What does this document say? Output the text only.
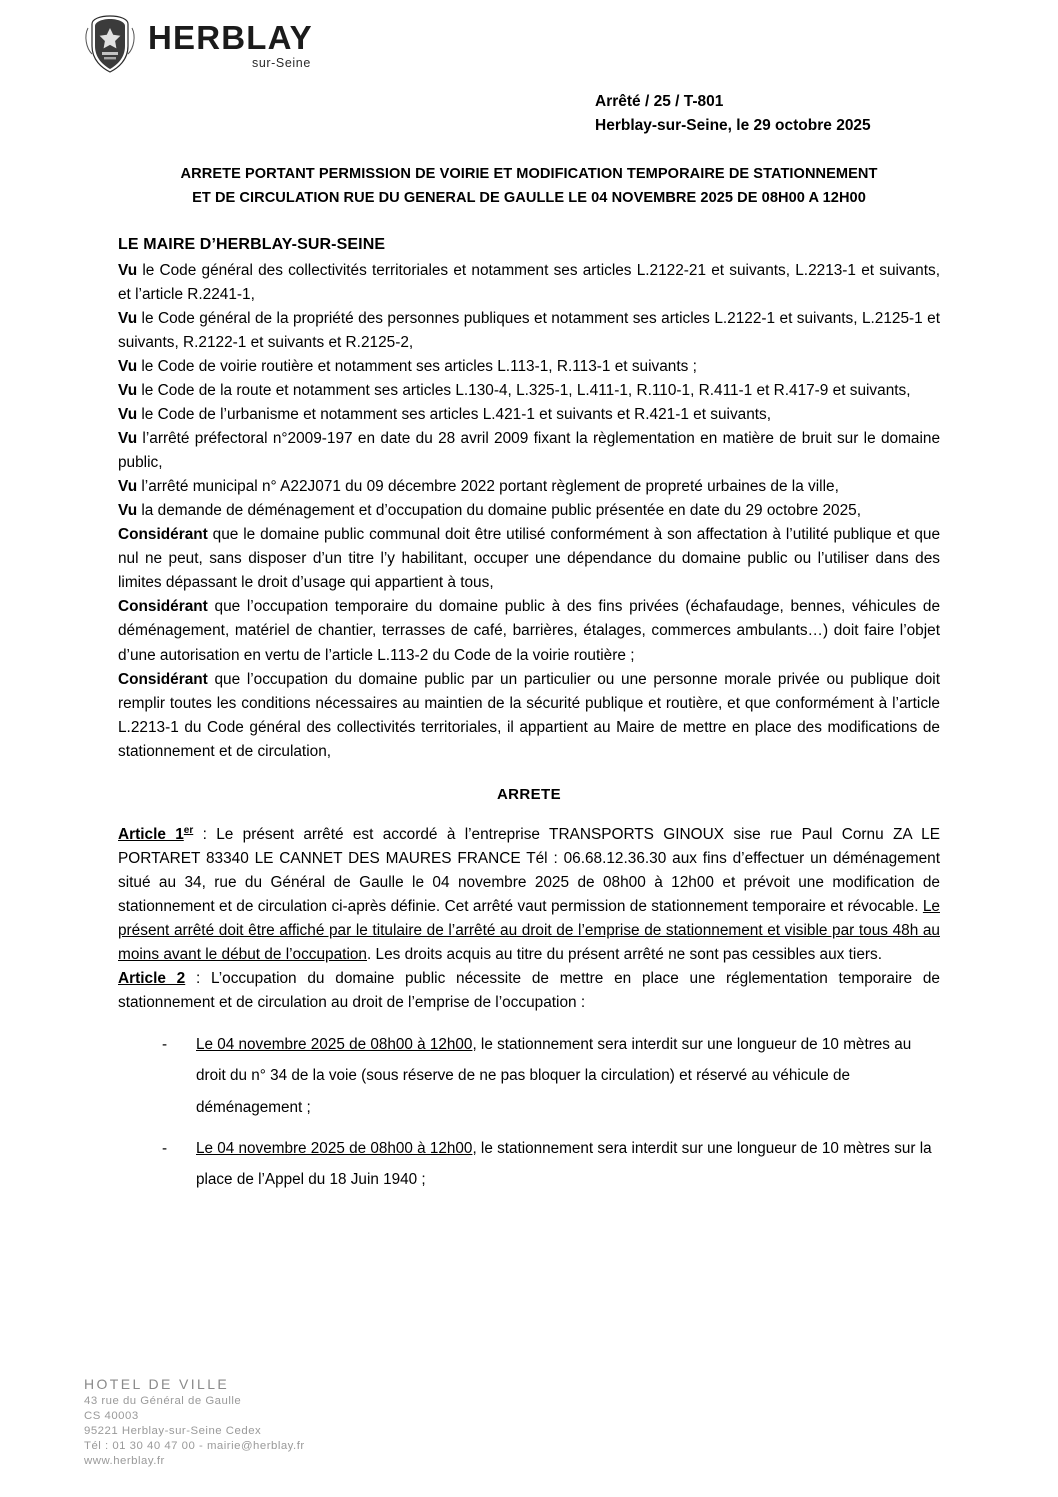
HERBLAY
sur-Seine
Arrêté / 25 / T-801
Herblay-sur-Seine, le 29 octobre 2025
ARRETE PORTANT PERMISSION DE VOIRIE ET MODIFICATION TEMPORAIRE DE STATIONNEMENT
ET DE CIRCULATION RUE DU GENERAL DE GAULLE LE 04 NOVEMBRE 2025 DE 08H00 A 12H00
LE MAIRE D’HERBLAY-SUR-SEINE

Vu le Code général des collectivités territoriales et notamment ses articles L.2122-21 et suivants, L.2213-1 et suivants, et l’article R.2241-1,

Vu le Code général de la propriété des personnes publiques et notamment ses articles L.2122-1 et suivants, L.2125-1 et suivants, R.2122-1 et suivants et R.2125-2,

Vu le Code de voirie routière et notamment ses articles L.113-1, R.113-1 et suivants ;

Vu le Code de la route et notamment ses articles L.130-4, L.325-1, L.411-1, R.110-1, R.411-1 et R.417-9 et suivants,

Vu le Code de l’urbanisme et notamment ses articles L.421-1 et suivants et R.421-1 et suivants,

Vu l’arrêté préfectoral n°2009-197 en date du 28 avril 2009 fixant la règlementation en matière de bruit sur le domaine public,

Vu l’arrêté municipal n° A22J071 du 09 décembre 2022 portant règlement de propreté urbaines de la ville,

Vu la demande de déménagement et d’occupation du domaine public présentée en date du 29 octobre 2025,

Considérant que le domaine public communal doit être utilisé conformément à son affectation à l’utilité publique et que nul ne peut, sans disposer d’un titre l’y habilitant, occuper une dépendance du domaine public ou l’utiliser dans des limites dépassant le droit d’usage qui appartient à tous,

Considérant que l’occupation temporaire du domaine public à des fins privées (échafaudage, bennes, véhicules de déménagement, matériel de chantier, terrasses de café, barrières, étalages, commerces ambulants…) doit faire l’objet d’une autorisation en vertu de l’article L.113-2 du Code de la voirie routière ;

Considérant que l’occupation du domaine public par un particulier ou une personne morale privée ou publique doit remplir toutes les conditions nécessaires au maintien de la sécurité publique et routière, et que conformément à l’article L.2213-1 du Code général des collectivités territoriales, il appartient au Maire de mettre en place des modifications de stationnement et de circulation,

ARRETE

Article 1er : Le présent arrêté est accordé à l’entreprise TRANSPORTS GINOUX sise rue Paul Cornu ZA LE PORTARET 83340 LE CANNET DES MAURES FRANCE Tél : 06.68.12.36.30 aux fins d’effectuer un déménagement situé au 34, rue du Général de Gaulle le 04 novembre 2025 de 08h00 à 12h00 et prévoit une modification de stationnement et de circulation ci-après définie. Cet arrêté vaut permission de stationnement temporaire et révocable. Le présent arrêté doit être affiché par le titulaire de l’arrêté au droit de l’emprise de stationnement et visible par tous 48h au moins avant le début de l’occupation. Les droits acquis au titre du présent arrêté ne sont pas cessibles aux tiers.

Article 2 : L’occupation du domaine public nécessite de mettre en place une réglementation temporaire de stationnement et de circulation au droit de l’emprise de l’occupation :

- Le 04 novembre 2025 de 08h00 à 12h00, le stationnement sera interdit sur une longueur de 10 mètres au droit du n° 34 de la voie (sous réserve de ne pas bloquer la circulation) et réservé au véhicule de déménagement ;
- Le 04 novembre 2025 de 08h00 à 12h00, le stationnement sera interdit sur une longueur de 10 mètres sur la place de l’Appel du 18 Juin 1940 ;
HOTEL DE VILLE
43 rue du Général de Gaulle
CS 40003
95221 Herblay-sur-Seine Cedex
Tél : 01 30 40 47 00 - mairie@herblay.fr
www.herblay.fr
